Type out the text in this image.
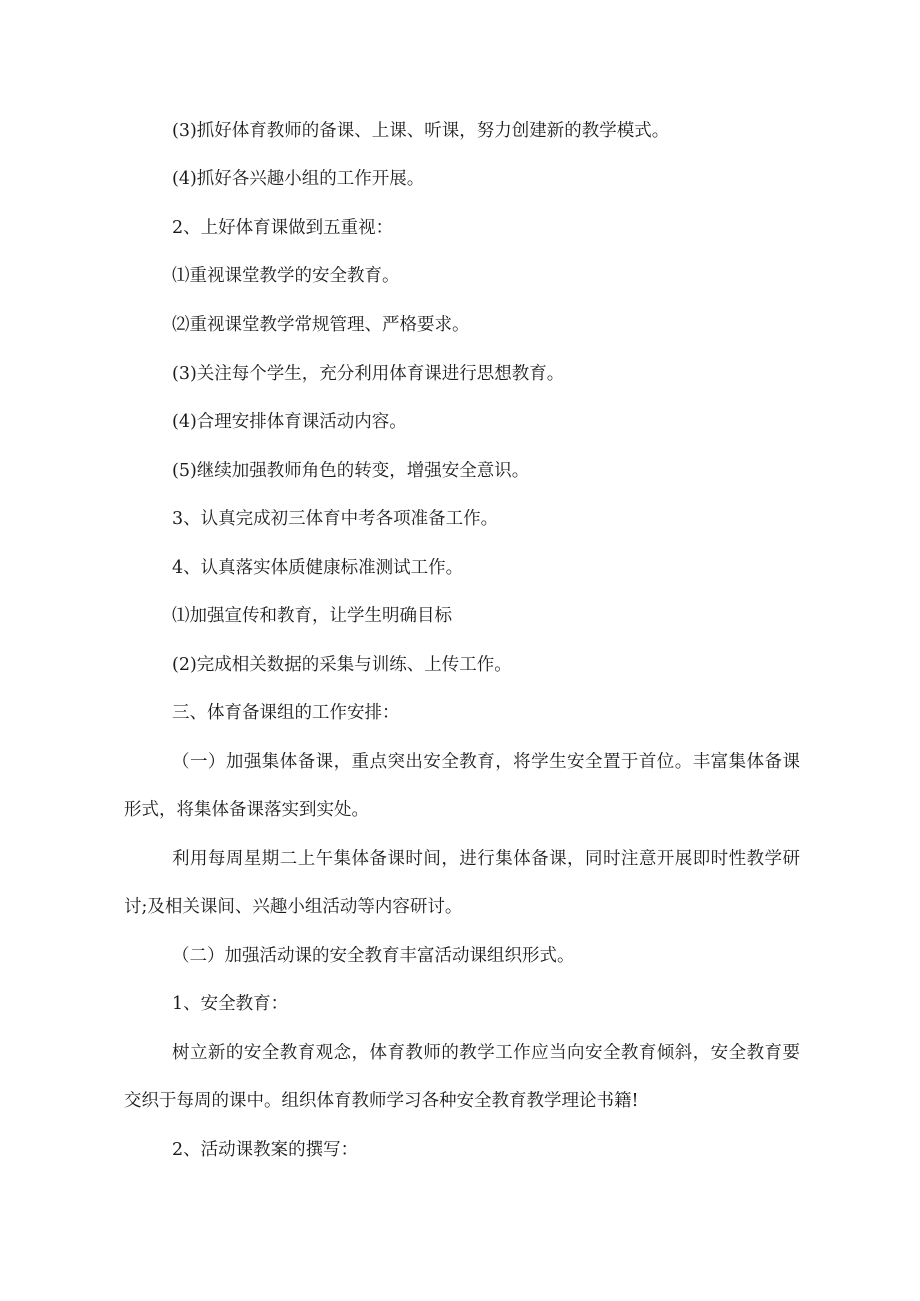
(3)抓好体育教师的备课、上课、听课，努力创建新的教学模式。

(4)抓好各兴趣小组的工作开展。

2、上好体育课做到五重视：

⑴重视课堂教学的安全教育。

⑵重视课堂教学常规管理、严格要求。

(3)关注每个学生，充分利用体育课进行思想教育。

(4)合理安排体育课活动内容。

(5)继续加强教师角色的转变，增强安全意识。

3、认真完成初三体育中考各项准备工作。

4、认真落实体质健康标准测试工作。

⑴加强宣传和教育，让学生明确目标

(2)完成相关数据的采集与训练、上传工作。

三、体育备课组的工作安排：

（一）加强集体备课，重点突出安全教育，将学生安全置于首位。丰富集体备课形式，将集体备课落实到实处。

利用每周星期二上午集体备课时间，进行集体备课，同时注意开展即时性教学研讨;及相关课间、兴趣小组活动等内容研讨。

（二）加强活动课的安全教育丰富活动课组织形式。

1、安全教育：

树立新的安全教育观念，体育教师的教学工作应当向安全教育倾斜，安全教育要交织于每周的课中。组织体育教师学习各种安全教育教学理论书籍!

2、活动课教案的撰写：
